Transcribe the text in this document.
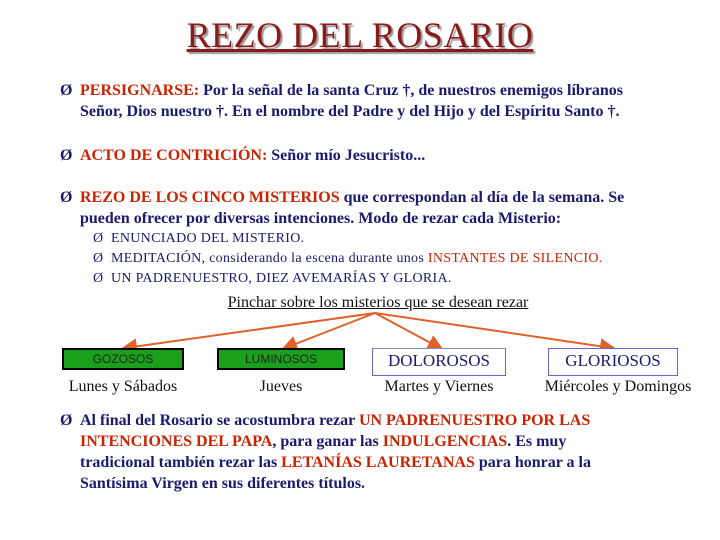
REZO DEL ROSARIO
Ø PERSIGNARSE: Por la señal de la santa Cruz †, de nuestros enemigos líbranos
Señor, Dios nuestro †. En el nombre del Padre y del Hijo y del Espíritu Santo †.
Ø ACTO DE CONTRICIÓN: Señor mío Jesucristo...
Ø REZO DE LOS CINCO MISTERIOS que correspondan al día de la semana. Se
pueden ofrecer por diversas intenciones. Modo de rezar cada Misterio:
Ø ENUNCIADO DEL MISTERIO.
Ø MEDITACIÓN, considerando la escena durante unos INSTANTES DE SILENCIO.
Ø UN PADRENUESTRO, DIEZ AVEMARÍAS Y GLORIA.
Pinchar sobre los misterios que se desean rezar
GOZOSOS	LUMINOSOS	DOLOROSOS	GLORIOSOS
Lunes y Sábados	Jueves	Martes y Viernes	Miércoles y Domingos
Ø Al final del Rosario se acostumbra rezar UN PADRENUESTRO POR LAS
INTENCIONES DEL PAPA, para ganar las INDULGENCIAS. Es muy
tradicional también rezar las LETANÍAS LAURETANAS para honrar a la
Santísima Virgen en sus diferentes títulos.
